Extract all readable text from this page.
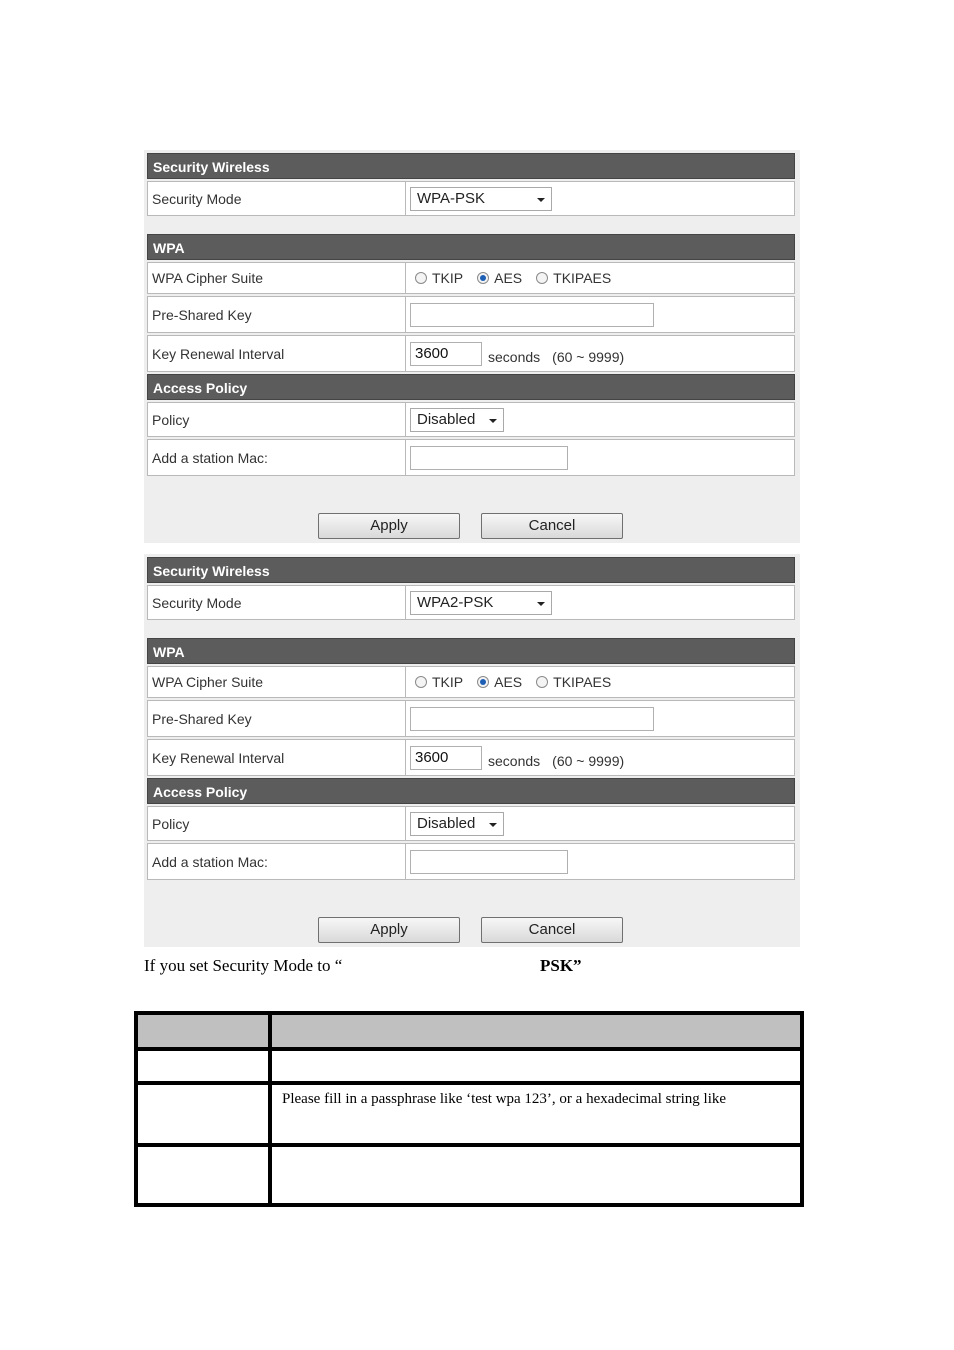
Security Wireless
Security Mode	WPA-PSK
WPA
WPA Cipher Suite	TKIP AES TKIPAES
Pre-Shared Key
Key Renewal Interval	3600	seconds (60 ~ 9999)
Access Policy
Policy	Disabled
Add a station Mac:
Apply	Cancel
Security Wireless
Security Mode	WPA2-PSK
WPA
WPA Cipher Suite	TKIP AES TKIPAES
Pre-Shared Key
Key Renewal Interval	3600	seconds (60 ~ 9999)
Access Policy
Policy	Disabled
Add a station Mac:
Apply	Cancel
If you set Security Mode to “	PSK”
Please fill in a passphrase like ‘test wpa 123’, or a hexadecimal string like
